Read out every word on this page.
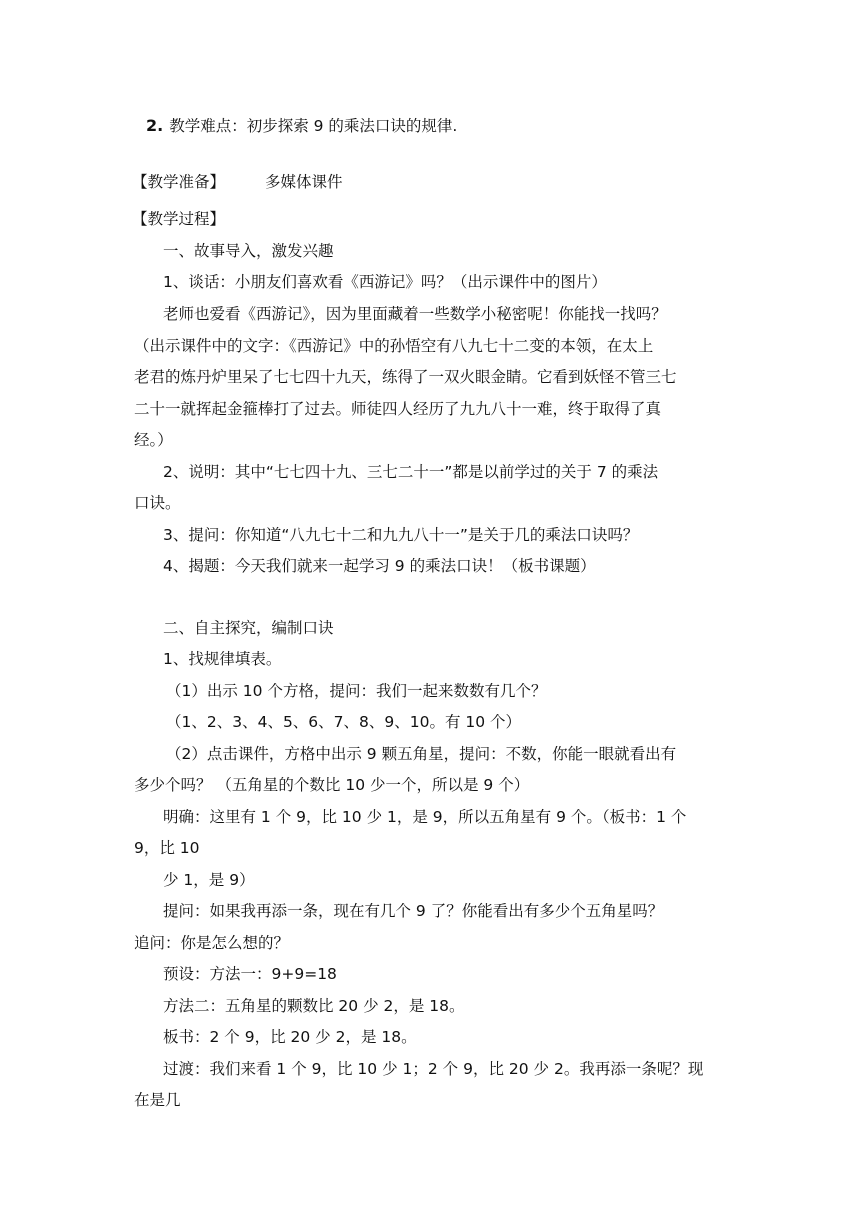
2. 教学难点：初步探索 9 的乘法口诀的规律.
【教学准备】	多媒体课件
【教学过程】
一、故事导入，激发兴趣
1、谈话：小朋友们喜欢看《西游记》吗？（出示课件中的图片）
老师也爱看《西游记》，因为里面藏着一些数学小秘密呢！你能找一找吗？
（出示课件中的文字：《西游记》中的孙悟空有八九七十二变的本领，在太上
老君的炼丹炉里呆了七七四十九天，练得了一双火眼金睛。它看到妖怪不管三七
二十一就挥起金箍棒打了过去。师徒四人经历了九九八十一难，终于取得了真
经。）
2、说明：其中“七七四十九、三七二十一”都是以前学过的关于 7 的乘法
口诀。
3、提问：你知道“八九七十二和九九八十一”是关于几的乘法口诀吗？
4、揭题：今天我们就来一起学习 9 的乘法口诀！（板书课题）
二、自主探究，编制口诀
1、找规律填表。
（1）出示 10 个方格，提问：我们一起来数数有几个？
（1、2、3、4、5、6、7、8、9、10。有 10 个）
（2）点击课件，方格中出示 9 颗五角星，提问：不数，你能一眼就看出有
多少个吗？ （五角星的个数比 10 少一个，所以是 9 个）
明确：这里有 1 个 9，比 10 少 1，是 9，所以五角星有 9 个。（板书：1 个
9，比 10
少 1，是 9）
提问：如果我再添一条，现在有几个 9 了？你能看出有多少个五角星吗？
追问：你是怎么想的？
预设：方法一：9+9=18
方法二：五角星的颗数比 20 少 2，是 18。
板书：2 个 9，比 20 少 2，是 18。
过渡：我们来看 1 个 9，比 10 少 1；2 个 9，比 20 少 2。我再添一条呢？现
在是几
